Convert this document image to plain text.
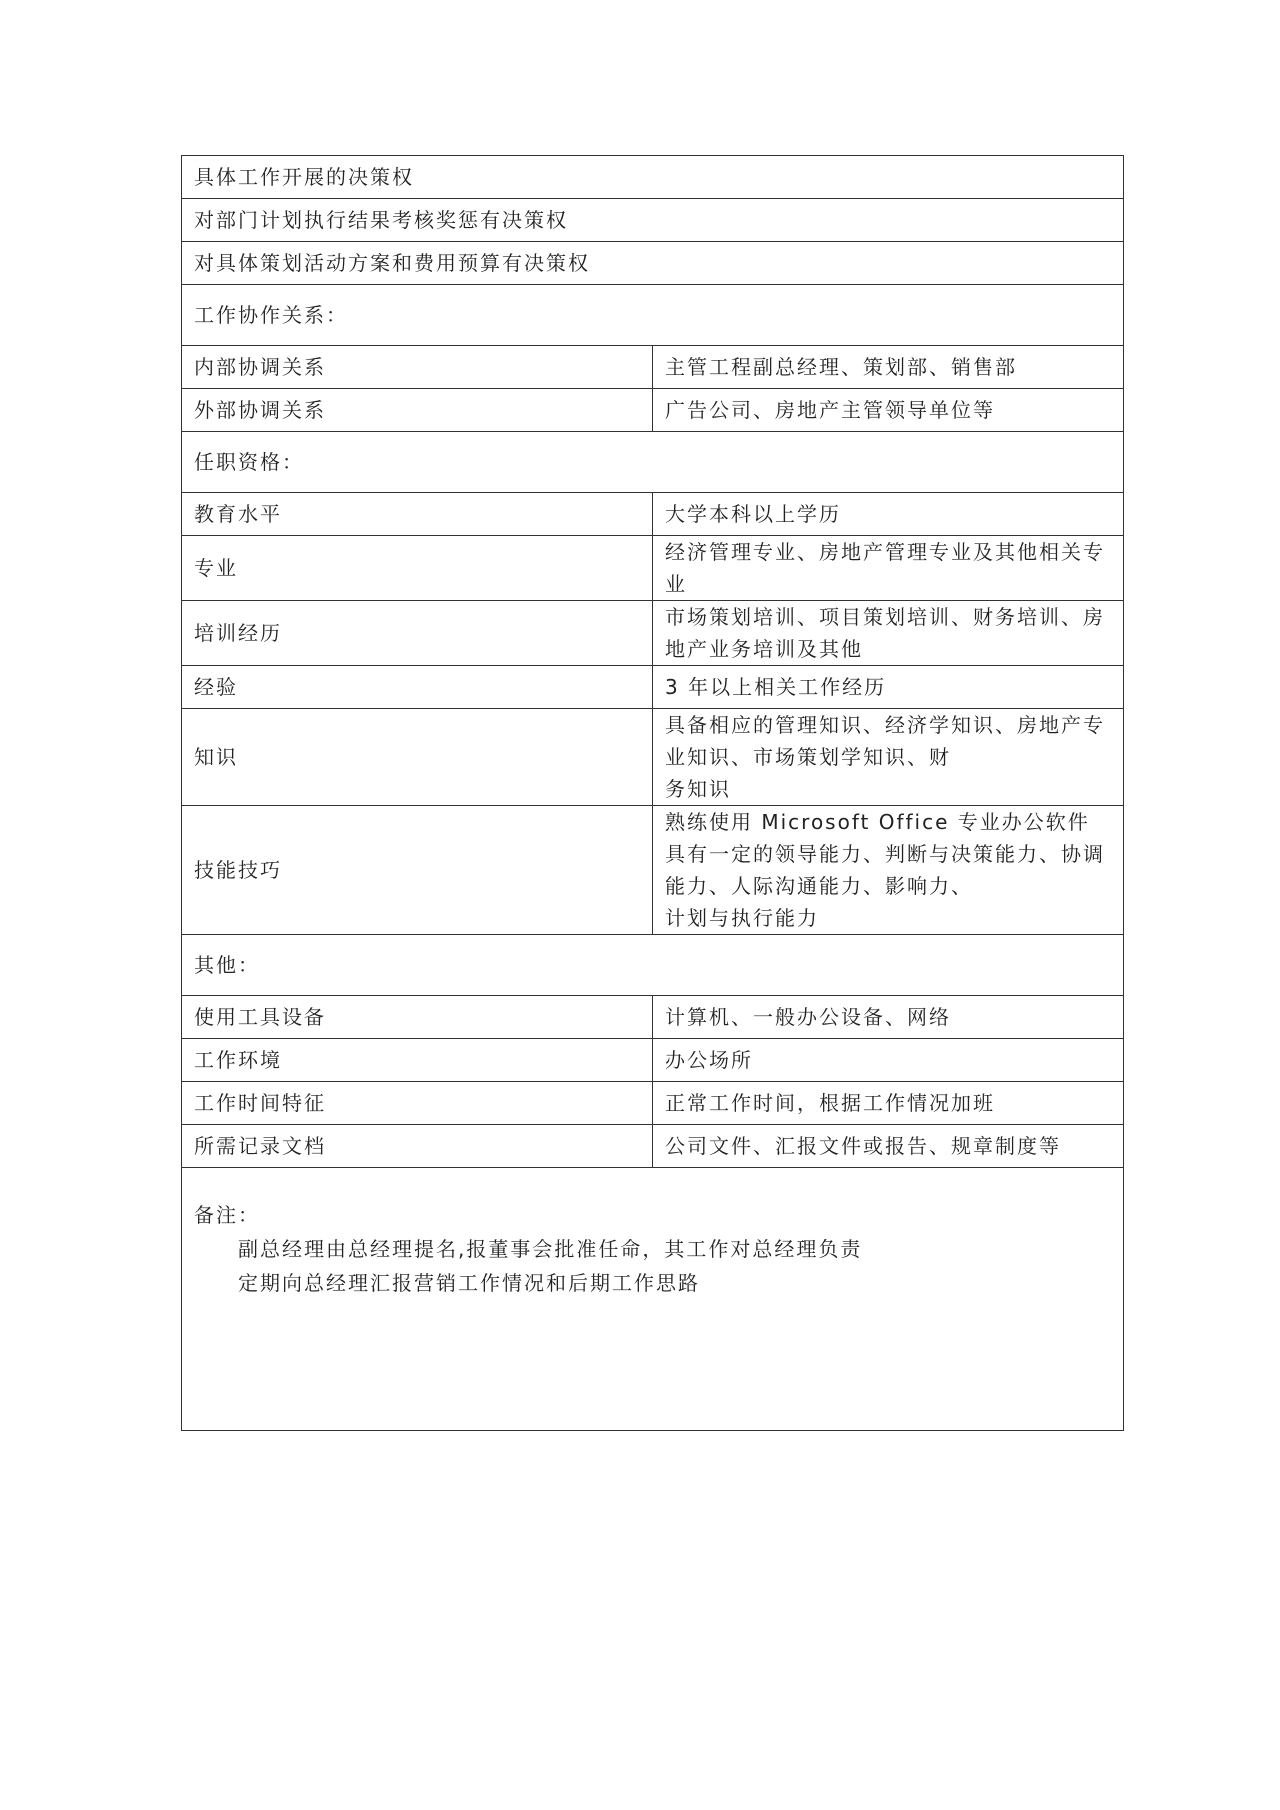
具体工作开展的决策权	
对部门计划执行结果考核奖惩有决策权	
对具体策划活动方案和费用预算有决策权	
工作协作关系：	
内部协调关系	主管工程副总经理、策划部、销售部
外部协调关系	广告公司、房地产主管领导单位等
任职资格：	
教育水平	大学本科以上学历
专业	经济管理专业、房地产管理专业及其他相关专业
培训经历	市场策划培训、项目策划培训、财务培训、房地产业务培训及其他
经验	3 年以上相关工作经历
知识	具备相应的管理知识、经济学知识、房地产专业知识、市场策划学知识、财
务知识

技能技巧	熟练使用 Microsoft Office 专业办公软件
具有一定的领导能力、判断与决策能力、协调能力、人际沟通能力、影响力、
计划与执行能力

其他：	
使用工具设备	计算机、一般办公设备、网络
工作环境	办公场所
工作时间特征	正常工作时间，根据工作情况加班
所需记录文档	公司文件、汇报文件或报告、规章制度等

备注：
副总经理由总经理提名,报董事会批准任命，其工作对总经理负责
定期向总经理汇报营销工作情况和后期工作思路	
